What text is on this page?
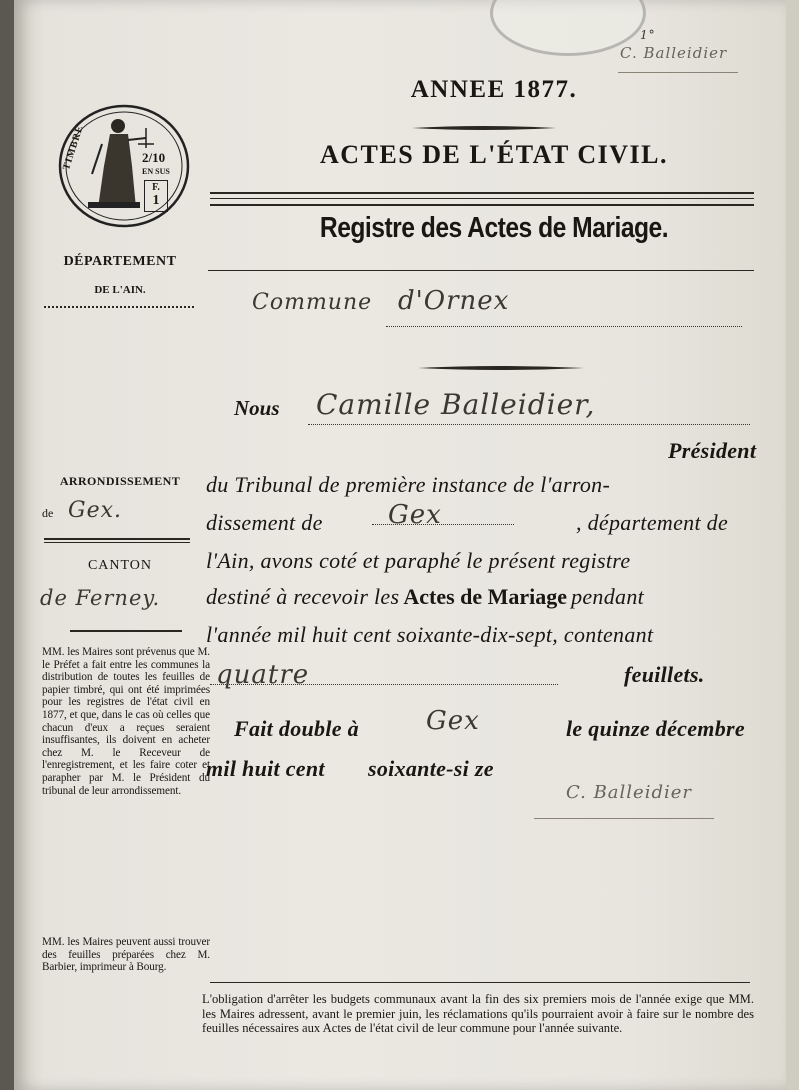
1°
C. Balleidier
TIMBRE	2/10
EN SUS
F.
1
DÉPARTEMENT
DE L'AIN.
ARRONDISSEMENT
de Gex.
CANTON
de Ferney.
MM. les Maires sont prévenus que M. le Préfet a fait entre les communes la distribution de toutes les feuilles de papier timbré, qui ont été imprimées pour les registres de l'état civil en 1877, et que, dans le cas où celles que chacun d'eux a reçues seraient insuffisantes, ils doivent en acheter chez M. le Receveur de l'enregistrement, et les faire coter et parapher par M. le Président du tribunal de leur arrondissement.
MM. les Maires peuvent aussi trouver des feuilles préparées chez M. Barbier, imprimeur à Bourg.
ANNEE 1877.
ACTES DE L'ÉTAT CIVIL.
Registre des Actes de Mariage.
Commune d'Ornex
Nous Camille Balleidier,
Président
du Tribunal de première instance de l'arron-
dissement de	Gex	, département de
l'Ain, avons coté et paraphé le présent registre
destiné à recevoir les Actes de Mariage pendant
l'année mil huit cent soixante-dix-sept, contenant
quatre	feuillets.
Fait double à	Gex	le quinze décembre
mil huit cent soixante-si ze
C. Balleidier
L'obligation d'arrêter les budgets communaux avant la fin des six premiers mois de l'année exige que MM. les Maires adressent, avant le premier juin, les réclamations qu'ils pourraient avoir à faire sur le nombre des feuilles nécessaires aux Actes de l'état civil de leur commune pour l'année suivante.
